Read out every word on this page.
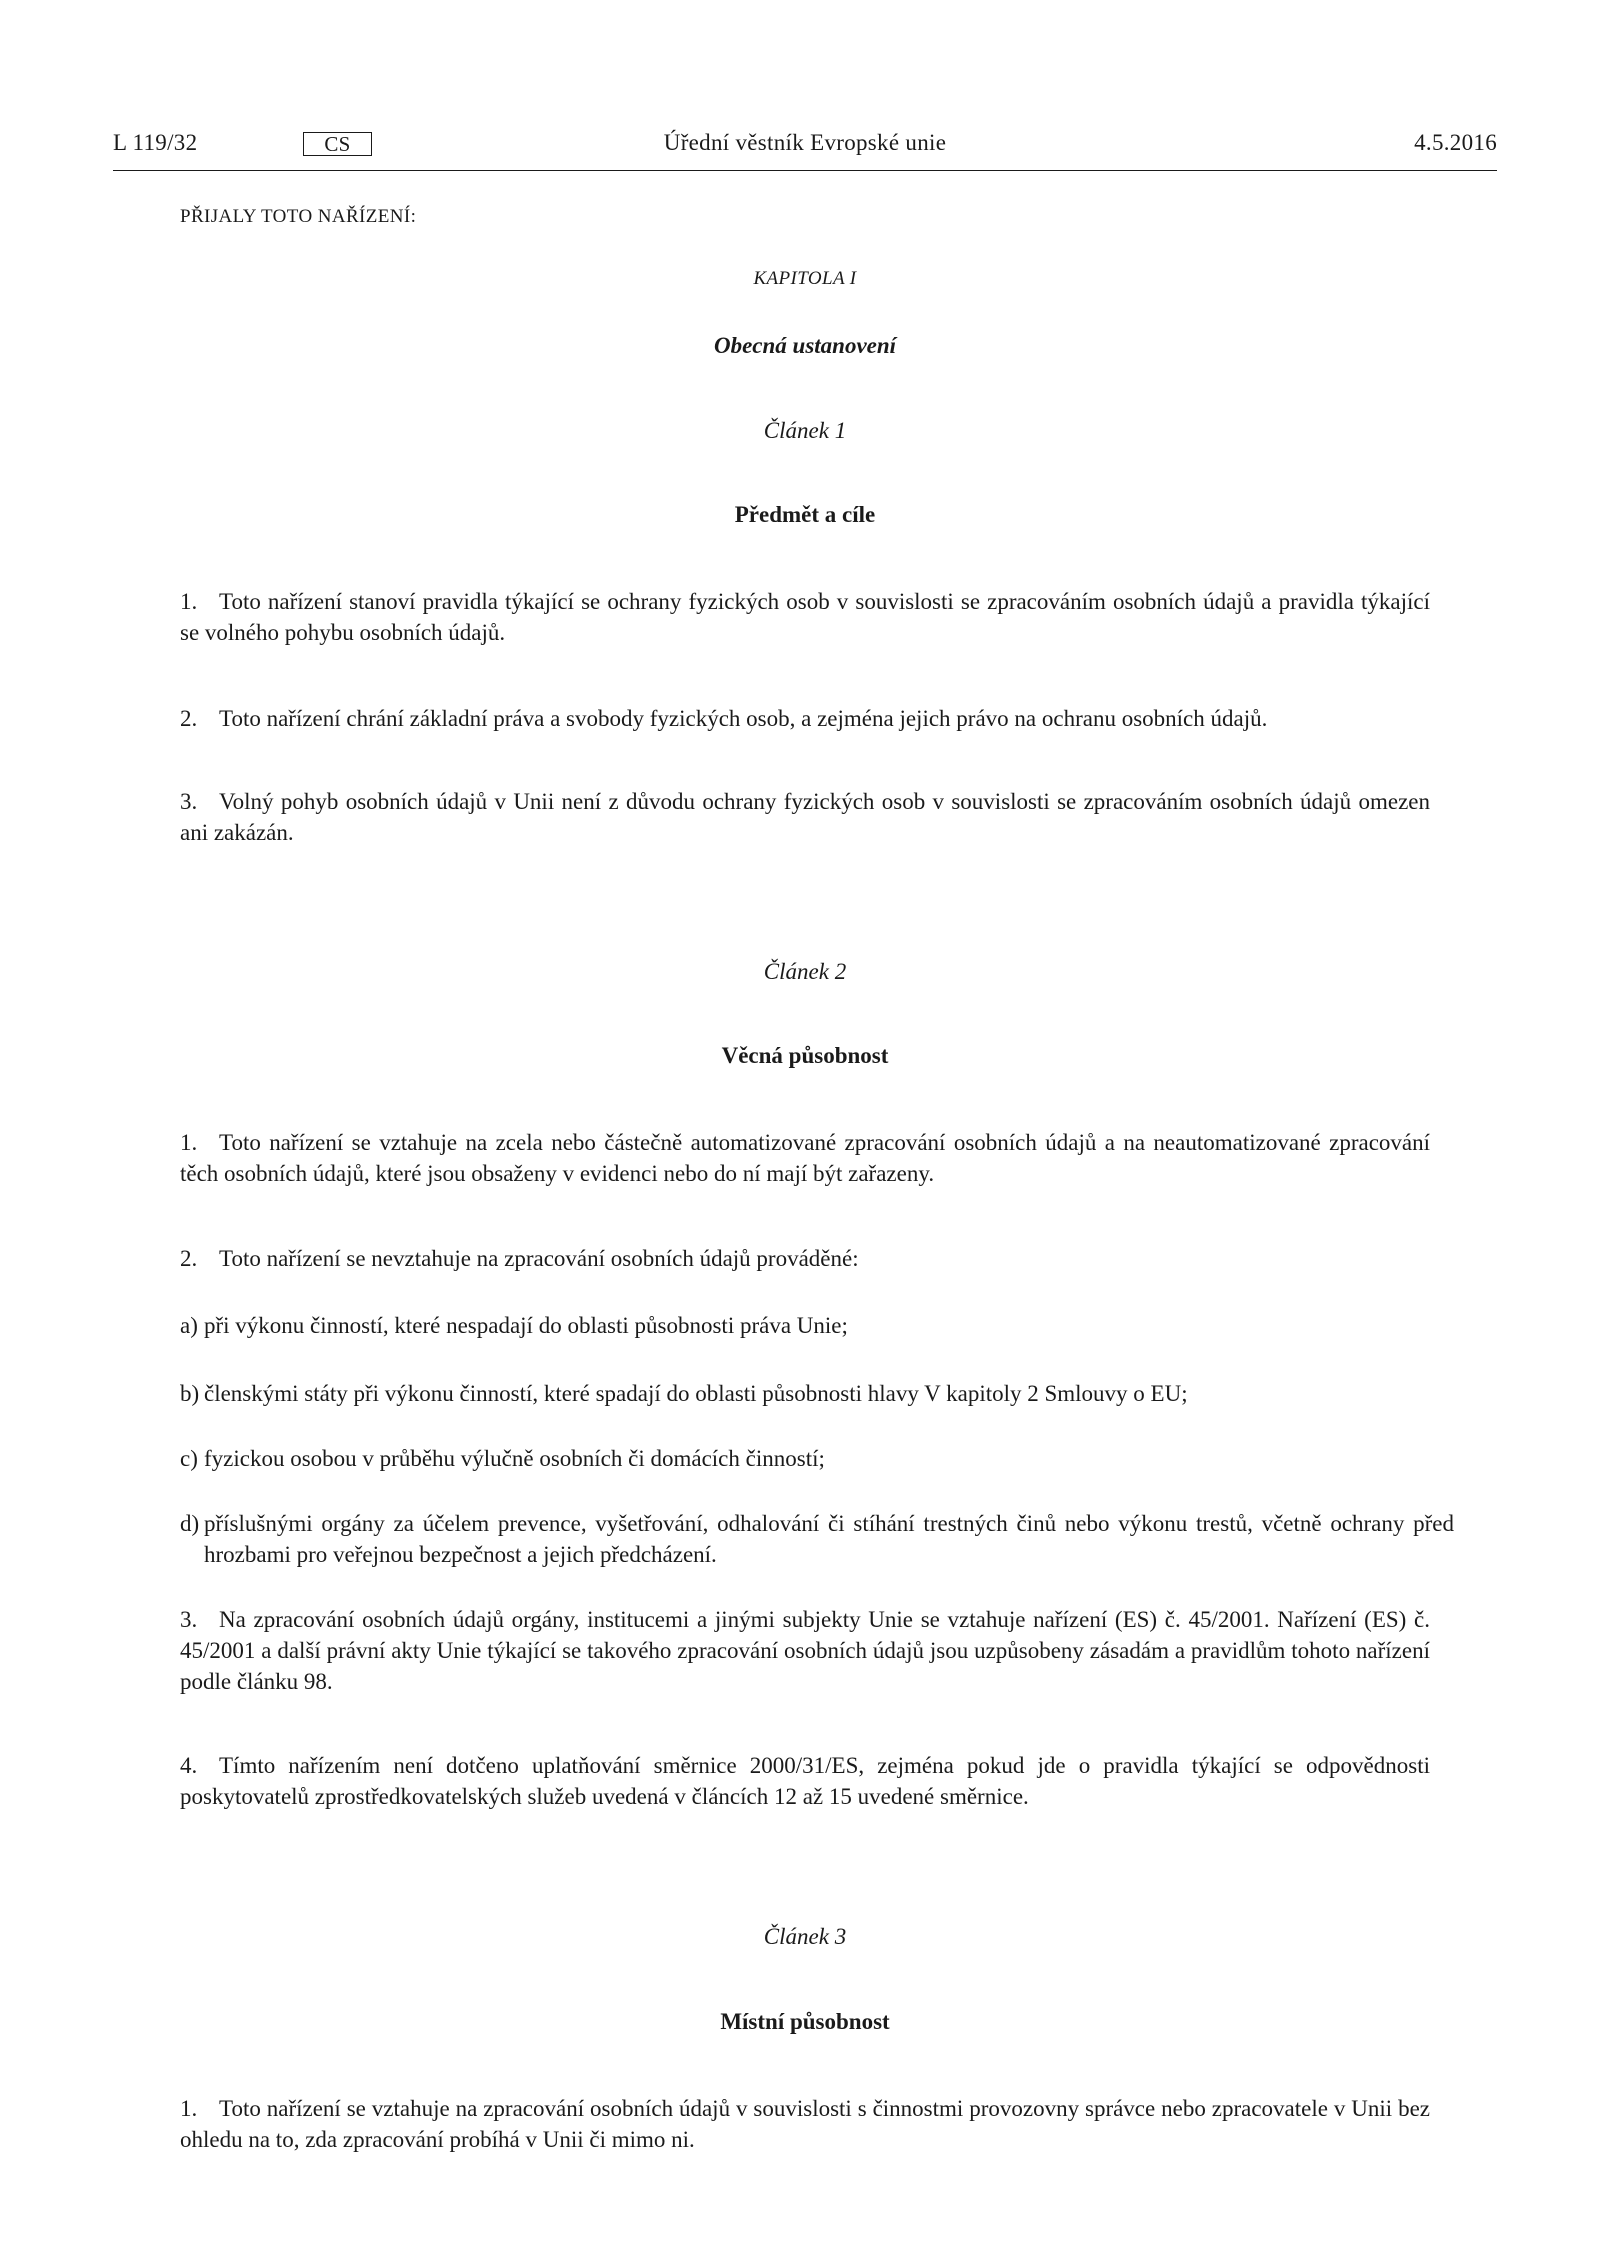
L 119/32	CS	Úřední věstník Evropské unie	4.5.2016
PŘIJALY TOTO NAŘÍZENÍ:
KAPITOLA I
Obecná ustanovení
Článek 1
Předmět a cíle
1. Toto nařízení stanoví pravidla týkající se ochrany fyzických osob v souvislosti se zpracováním osobních údajů a pravidla týkající se volného pohybu osobních údajů.
2. Toto nařízení chrání základní práva a svobody fyzických osob, a zejména jejich právo na ochranu osobních údajů.
3. Volný pohyb osobních údajů v Unii není z důvodu ochrany fyzických osob v souvislosti se zpracováním osobních údajů omezen ani zakázán.
Článek 2
Věcná působnost
1. Toto nařízení se vztahuje na zcela nebo částečně automatizované zpracování osobních údajů a na neautomatizované zpracování těch osobních údajů, které jsou obsaženy v evidenci nebo do ní mají být zařazeny.
2. Toto nařízení se nevztahuje na zpracování osobních údajů prováděné:
a) při výkonu činností, které nespadají do oblasti působnosti práva Unie;
b) členskými státy při výkonu činností, které spadají do oblasti působnosti hlavy V kapitoly 2 Smlouvy o EU;
c) fyzickou osobou v průběhu výlučně osobních či domácích činností;
d) příslušnými orgány za účelem prevence, vyšetřování, odhalování či stíhání trestných činů nebo výkonu trestů, včetně ochrany před hrozbami pro veřejnou bezpečnost a jejich předcházení.
3. Na zpracování osobních údajů orgány, institucemi a jinými subjekty Unie se vztahuje nařízení (ES) č. 45/2001. Nařízení (ES) č. 45/2001 a další právní akty Unie týkající se takového zpracování osobních údajů jsou uzpůsobeny zásadám a pravidlům tohoto nařízení podle článku 98.
4. Tímto nařízením není dotčeno uplatňování směrnice 2000/31/ES, zejména pokud jde o pravidla týkající se odpovědnosti poskytovatelů zprostředkovatelských služeb uvedená v článcích 12 až 15 uvedené směrnice.
Článek 3
Místní působnost
1. Toto nařízení se vztahuje na zpracování osobních údajů v souvislosti s činnostmi provozovny správce nebo zpracovatele v Unii bez ohledu na to, zda zpracování probíhá v Unii či mimo ni.
